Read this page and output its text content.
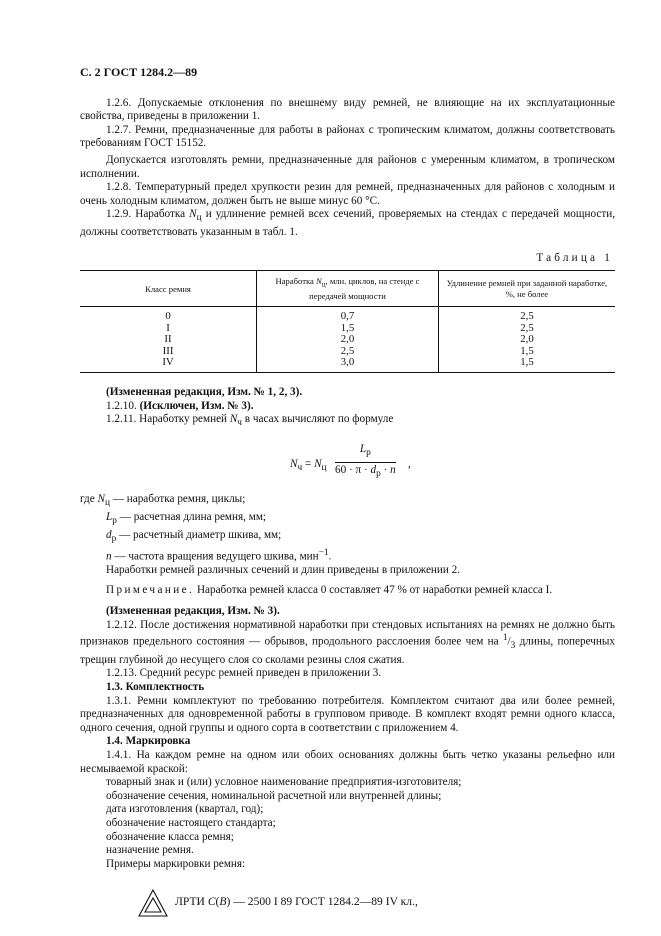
С. 2 ГОСТ 1284.2—89
1.2.6. Допускаемые отклонения по внешнему виду ремней, не влияющие на их эксплуатационные свойства, приведены в приложении 1.
1.2.7. Ремни, предназначенные для работы в районах с тропическим климатом, должны соответствовать требованиям ГОСТ 15152.
Допускается изготовлять ремни, предназначенные для районов с умеренным климатом, в тропическом исполнении.
1.2.8. Температурный предел хрупкости резин для ремней, предназначенных для районов с холодным и очень холодным климатом, должен быть не выше минус 60 °С.
1.2.9. Наработка $N_ц$ и удлинение ремней всех сечений, проверяемых на стендах с передачей мощности, должны соответствовать указанным в табл. 1.
Таблица 1
Класс ремня	Наработка $N_ц$, млн. циклов, на стенде с передачей мощности	Удлинение ремней при заданной наработке, %, не более
0	0,7	2,5
I	1,5	2,5
II	2,0	2,0
III	2,5	1,5
IV	3,0	1,5
(Измененная редакция, Изм. № 1, 2, 3).
1.2.10. (Исключен, Изм. № 3).
1.2.11. Наработку ремней $N_ч$ в часах вычисляют по формуле
$N_ч = N_ц$
$L_р$
$60 \cdot \pi \cdot d_р \cdot n$ ,
где $N_ц$ — наработка ремня, циклы;
$L_р$ — расчетная длина ремня, мм;
$d_р$ — расчетный диаметр шкива, мм;
n — частота вращения ведущего шкива, мин$^{-1}$.
Наработки ремней различных сечений и длин приведены в приложении 2.
Примечание. Наработка ремней класса 0 составляет 47 % от наработки ремней класса I.
(Измененная редакция, Изм. № 3).
1.2.12. После достижения нормативной наработки при стендовых испытаниях на ремнях не должно быть признаков предельного состояния — обрывов, продольного расслоения более чем на $^1/_3$ длины, поперечных трещин глубиной до несущего слоя со сколами резины слоя сжатия.
1.2.13. Средний ресурс ремней приведен в приложении 3.
1.3. Комплектность
1.3.1. Ремни комплектуют по требованию потребителя. Комплектом считают два или более ремней, предназначенных для одновременной работы в групповом приводе. В комплект входят ремни одного класса, одного сечения, одной группы и одного сорта в соответствии с приложением 4.
1.4. Маркировка
1.4.1. На каждом ремне на одном или обоих основаниях должны быть четко указаны рельефно или несмываемой краской:
товарный знак и (или) условное наименование предприятия-изготовителя;
обозначение сечения, номинальной расчетной или внутренней длины;
дата изготовления (квартал, год);
обозначение настоящего стандарта;
обозначение класса ремня;
назначение ремня.
Примеры маркировки ремня:
ЛРТИ С(В) — 2500 I 89 ГОСТ 1284.2—89 IV кл.,
